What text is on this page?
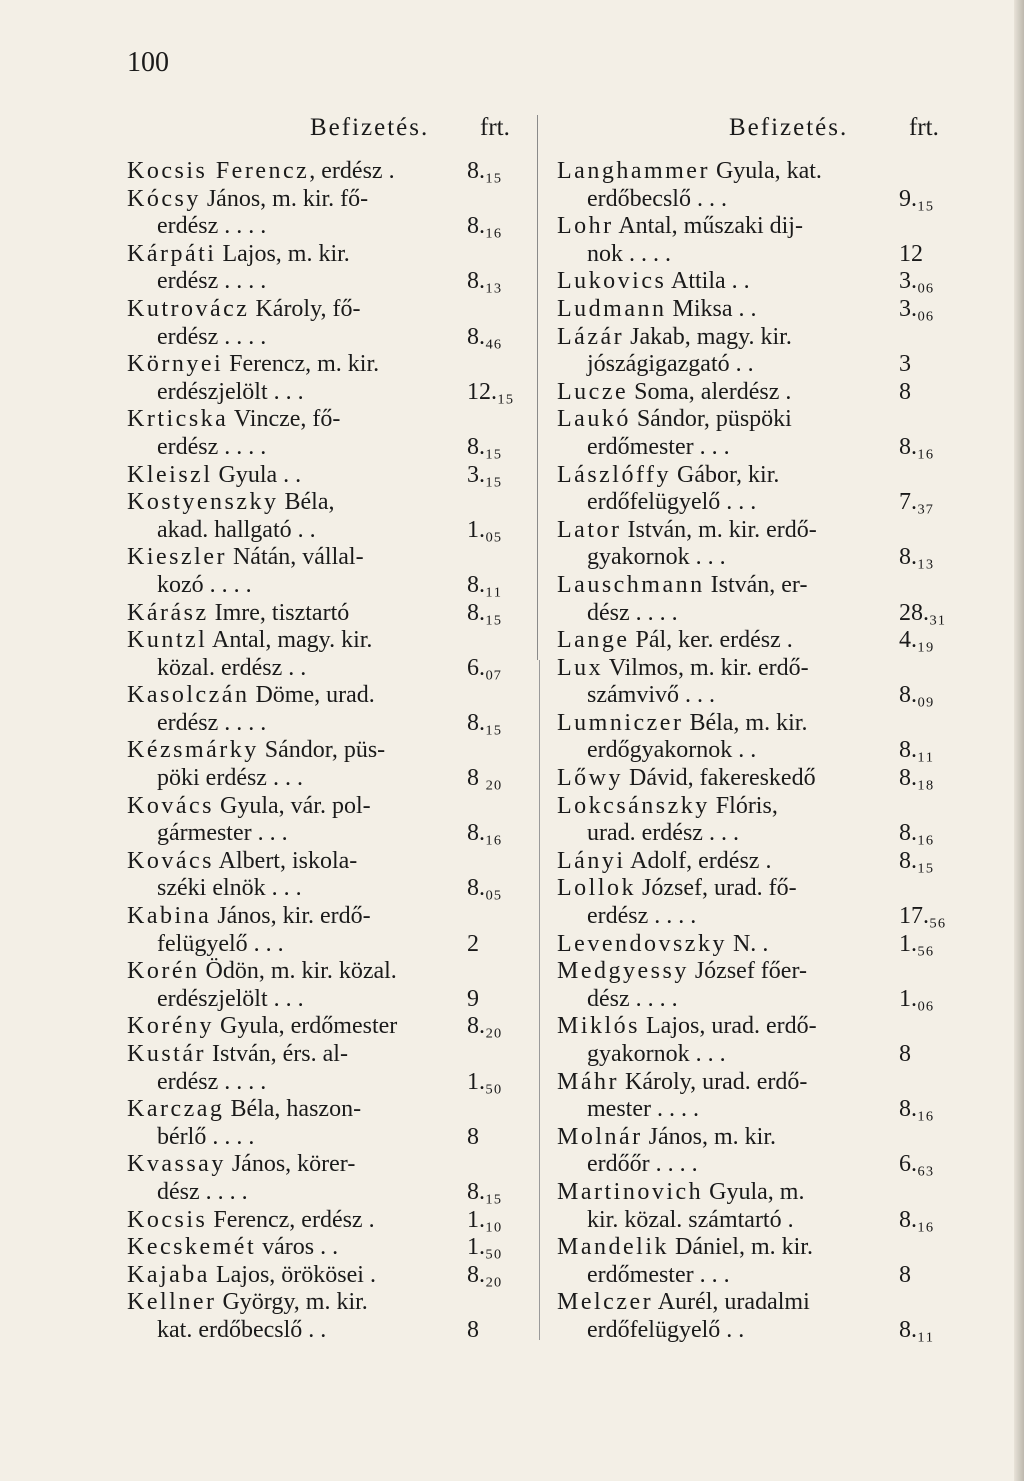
100
Befizetés. frt.
Kocsis Ferencz, erdész .	8.₁₅
Kócsy János, m. kir. fő-
erdész . . . .	8.₁₆
Kárpáti Lajos, m. kir.
erdész . . . .	8.₁₃
Kutrovácz Károly, fő-
erdész . . . .	8.₄₆
Környei Ferencz, m. kir.
erdészjelölt . . .	12.₁₅
Krticska Vincze, fő-
erdész . . . .	8.₁₅
Kleiszl Gyula . .	3.₁₅
Kostyenszky Béla,
akad. hallgató . .	1.₀₅
Kieszler Nátán, vállal-
kozó . . . .	8.₁₁
Kárász Imre, tisztartó	8.₁₅
Kuntzl Antal, magy. kir.
közal. erdész . .	6.₀₇
Kasolczán Döme, urad.
erdész . . . .	8.₁₅
Kézsmárky Sándor, püs-
pöki erdész . . .	8 ₂₀
Kovács Gyula, vár. pol-
gármester . . .	8.₁₆
Kovács Albert, iskola-
széki elnök . . .	8.₀₅
Kabina János, kir. erdő-
felügyelő . . .	2
Korén Ödön, m. kir. közal.
erdészjelölt . . .	9
Korény Gyula, erdőmester	8.₂₀
Kustár István, érs. al-
erdész . . . .	1.₅₀
Karczag Béla, haszon-
bérlő . . . .	8
Kvassay János, körer-
dész . . . .	8.₁₅
Kocsis Ferencz, erdész .	1.₁₀
Kecskemét város . .	1.₅₀
Kajaba Lajos, örökösei .	8.₂₀
Kellner György, m. kir.
kat. erdőbecslő . .	8
Befizetés. frt.
Langhammer Gyula, kat.
erdőbecslő . . .	9.₁₅
Lohr Antal, műszaki dij-
nok . . . .	12
Lukovics Attila . .	3.₀₆
Ludmann Miksa . .	3.₀₆
Lázár Jakab, magy. kir.
jószágigazgató . .	3
Lucze Soma, alerdész .	8
Laukó Sándor, püspöki
erdőmester . . .	8.₁₆
Lászlóffy Gábor, kir.
erdőfelügyelő . . .	7.₃₇
Lator István, m. kir. erdő-
gyakornok . . .	8.₁₃
Lauschmann István, er-
dész . . . .	28.₃₁
Lange Pál, ker. erdész .	4.₁₉
Lux Vilmos, m. kir. erdő-
számvivő . . .	8.₀₉
Lumniczer Béla, m. kir.
erdőgyakornok . .	8.₁₁
Lőwy Dávid, fakereskedő	8.₁₈
Lokcsánszky Flóris,
urad. erdész . . .	8.₁₆
Lányi Adolf, erdész .	8.₁₅
Lollok József, urad. fő-
erdész . . . .	17.₅₆
Levendovszky N. .	1.₅₆
Medgyessy József főer-
dész . . . .	1.₀₆
Miklós Lajos, urad. erdő-
gyakornok . . .	8
Máhr Károly, urad. erdő-
mester . . . .	8.₁₆
Molnár János, m. kir.
erdőőr . . . .	6.₆₃
Martinovich Gyula, m.
kir. közal. számtartó .	8.₁₆
Mandelik Dániel, m. kir.
erdőmester . . .	8
Melczer Aurél, uradalmi
erdőfelügyelő . .	8.₁₁
